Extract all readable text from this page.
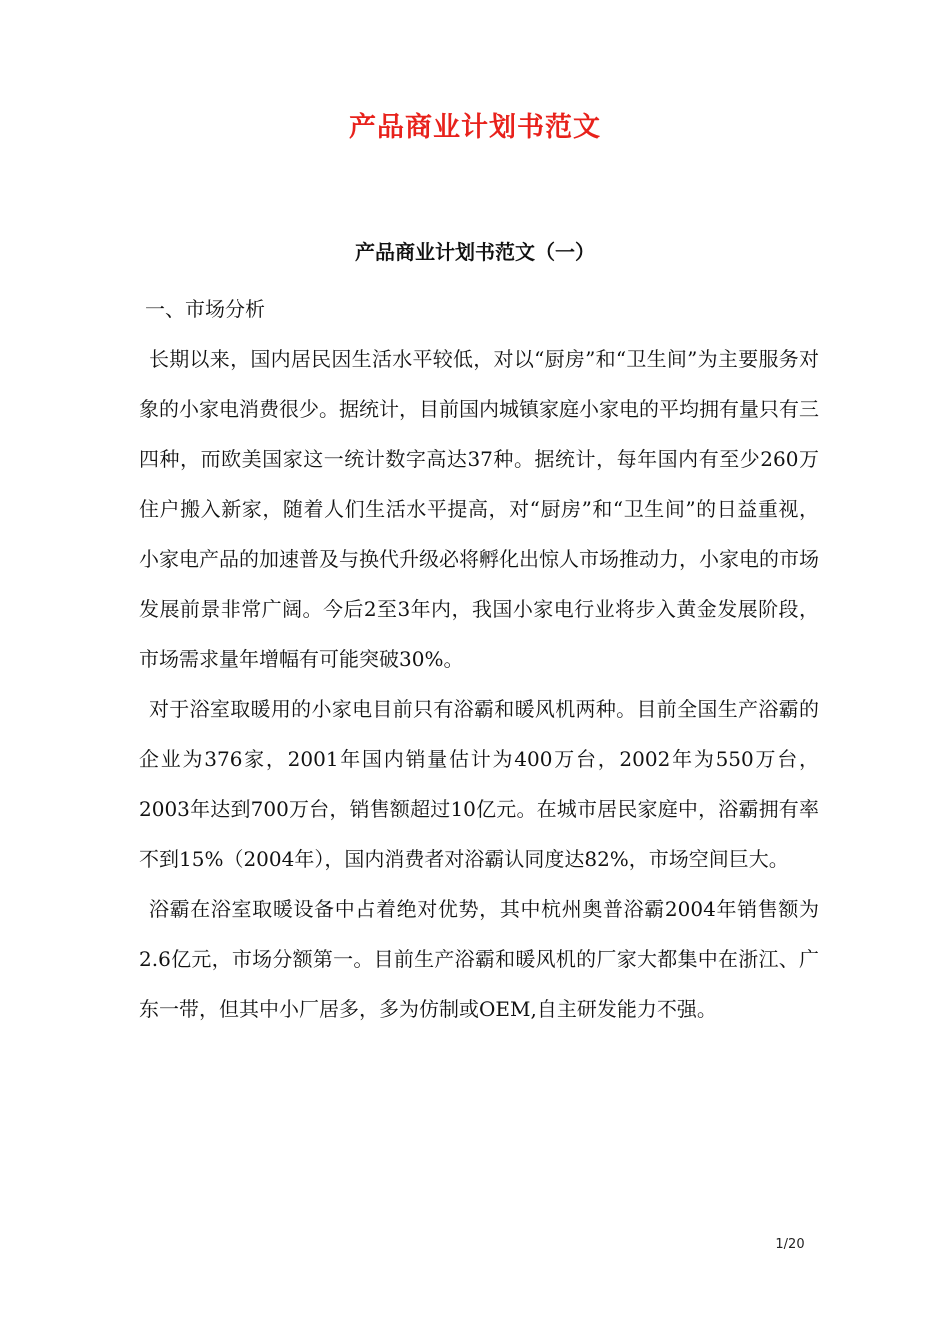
产品商业计划书范文
产品商业计划书范文（一）
一、市场分析

长期以来，国内居民因生活水平较低，对以“厨房”和“卫生间”为主要服务对象的小家电消费很少。据统计，目前国内城镇家庭小家电的平均拥有量只有三四种，而欧美国家这一统计数字高达37种。据统计，每年国内有至少260万住户搬入新家，随着人们生活水平提高，对“厨房”和“卫生间”的日益重视，小家电产品的加速普及与换代升级必将孵化出惊人市场推动力，小家电的市场发展前景非常广阔。今后2至3年内，我国小家电行业将步入黄金发展阶段，市场需求量年增幅有可能突破30%。

对于浴室取暖用的小家电目前只有浴霸和暖风机两种。目前全国生产浴霸的企业为376家，2001年国内销量估计为400万台，2002年为550万台，2003年达到700万台，销售额超过10亿元。在城市居民家庭中，浴霸拥有率不到15%（2004年），国内消费者对浴霸认同度达82%，市场空间巨大。

浴霸在浴室取暖设备中占着绝对优势，其中杭州奥普浴霸2004年销售额为2.6亿元，市场分额第一。目前生产浴霸和暖风机的厂家大都集中在浙江、广东一带，但其中小厂居多，多为仿制或OEM,自主研发能力不强。

1/20
